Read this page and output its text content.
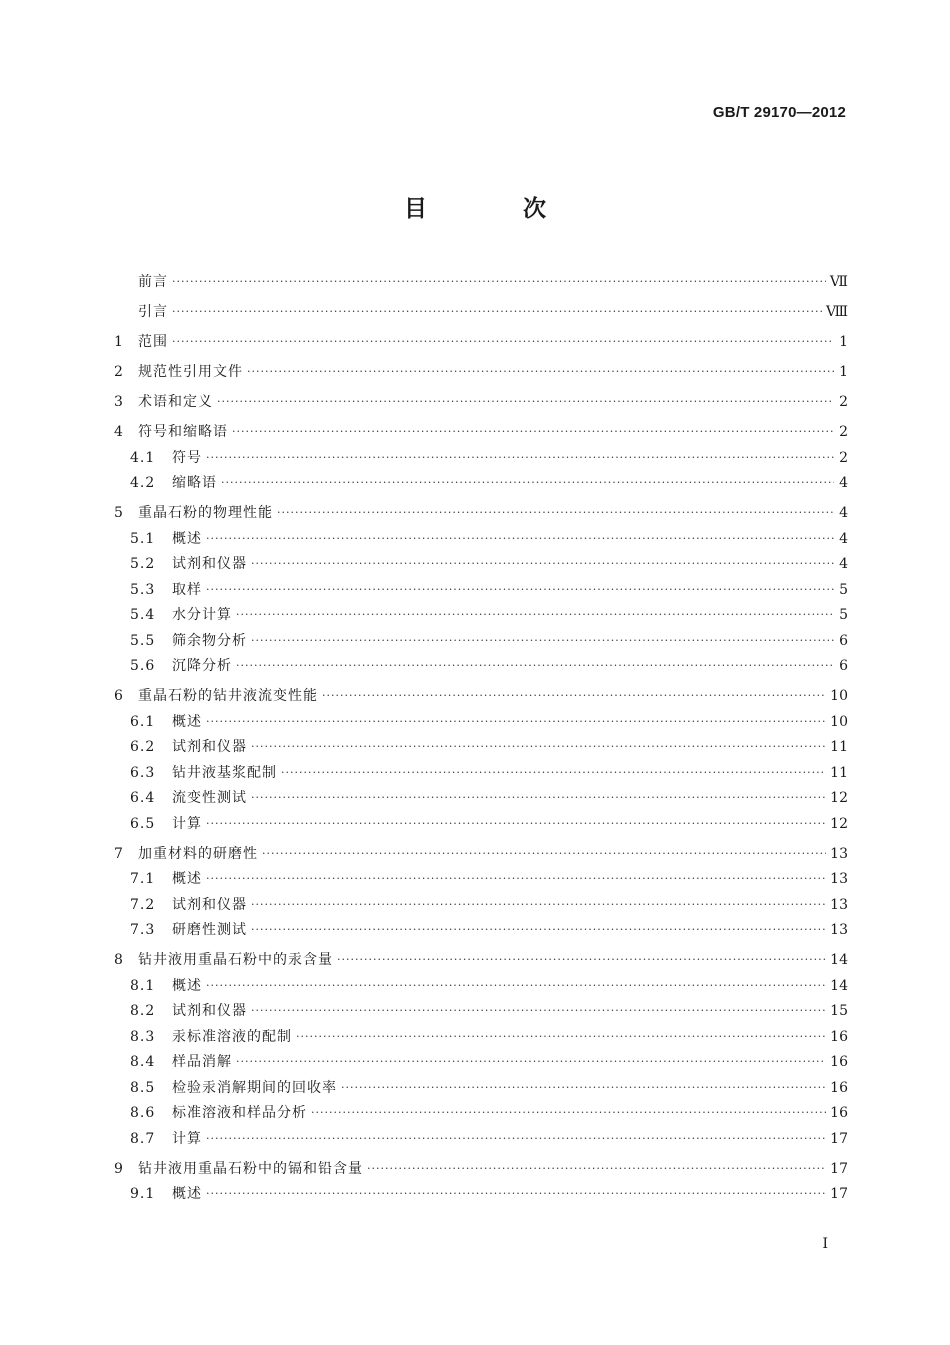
GB/T 29170—2012
目 次
前言 ·····	Ⅶ
引言 ·····	Ⅷ
1	范围 ·····	1
2	规范性引用文件 ·····	1
3	术语和定义 ·····	2
4	符号和缩略语 ·····	2
4.1	符号 ·····	2
4.2	缩略语 ·····	4
5	重晶石粉的物理性能 ·····	4
5.1	概述 ·····	4
5.2	试剂和仪器 ·····	4
5.3	取样 ·····	5
5.4	水分计算 ·····	5
5.5	筛余物分析 ·····	6
5.6	沉降分析 ·····	6
6	重晶石粉的钻井液流变性能 ·····	10
6.1	概述 ·····	10
6.2	试剂和仪器 ·····	11
6.3	钻井液基浆配制 ·····	11
6.4	流变性测试 ·····	12
6.5	计算 ·····	12
7	加重材料的研磨性 ·····	13
7.1	概述 ·····	13
7.2	试剂和仪器 ·····	13
7.3	研磨性测试 ·····	13
8	钻井液用重晶石粉中的汞含量 ·····	14
8.1	概述 ·····	14
8.2	试剂和仪器 ·····	15
8.3	汞标准溶液的配制 ·····	16
8.4	样品消解 ·····	16
8.5	检验汞消解期间的回收率 ·····	16
8.6	标准溶液和样品分析 ·····	16
8.7	计算 ·····	17
9	钻井液用重晶石粉中的镉和铅含量 ·····	17
9.1	概述 ·····	17
I
